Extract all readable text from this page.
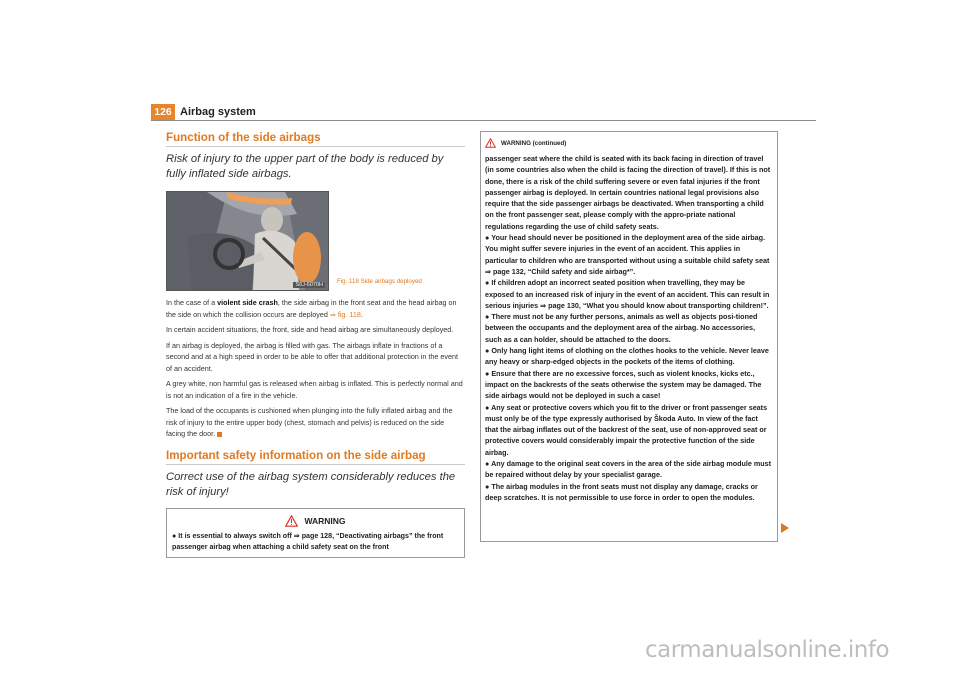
126 Airbag system
Function of the side airbags

Risk of injury to the upper part of the body is reduced by fully inflated side airbags.

S6J-6070H	Fig. 118 Side airbags deployed

In the case of a violent side crash, the side airbag in the front seat and the head airbag on the side on which the collision occurs are deployed ⇒ fig. 118.

In certain accident situations, the front, side and head airbag are simultaneously deployed.

If an airbag is deployed, the airbag is filled with gas. The airbags inflate in fractions of a second and at a high speed in order to be able to offer that additional protection in the event of an accident.

A grey white, non harmful gas is released when airbag is inflated. This is perfectly normal and is not an indication of a fire in the vehicle.

The load of the occupants is cushioned when plunging into the fully inflated airbag and the risk of injury to the entire upper body (chest, stomach and pelvis) is reduced on the side facing the door.

Important safety information on the side airbag

Correct use of the airbag system considerably reduces the risk of injury!

WARNING

● It is essential to always switch off ⇒ page 128, “Deactivating airbags” the front passenger airbag when attaching a child safety seat on the front

WARNING (continued)

passenger seat where the child is seated with its back facing in direction of travel (in some countries also when the child is facing the direction of travel). If this is not done, there is a risk of the child suffering severe or even fatal injuries if the front passenger airbag is deployed. In certain countries national legal provisions also require that the side passenger airbags be deactivated. When transporting a child on the front passenger seat, please comply with the appro-priate national regulations regarding the use of child safety seats.

● Your head should never be positioned in the deployment area of the side airbag. You might suffer severe injuries in the event of an accident. This applies in particular to children who are transported without using a suitable child safety seat ⇒ page 132, “Child safety and side airbag*”.

● If children adopt an incorrect seated position when travelling, they may be exposed to an increased risk of injury in the event of an accident. This can result in serious injuries ⇒ page 130, “What you should know about transporting children!”.

● There must not be any further persons, animals as well as objects posi-tioned between the occupants and the deployment area of the airbag. No accessories, such as a can holder, should be attached to the doors.

● Only hang light items of clothing on the clothes hooks to the vehicle. Never leave any heavy or sharp-edged objects in the pockets of the items of clothing.

● Ensure that there are no excessive forces, such as violent knocks, kicks etc., impact on the backrests of the seats otherwise the system may be damaged. The side airbags would not be deployed in such a case!

● Any seat or protective covers which you fit to the driver or front passenger seats must only be of the type expressly authorised by Škoda Auto. In view of the fact that the airbag inflates out of the backrest of the seat, use of non-approved seat or protective covers would considerably impair the protective function of the side airbag.

● Any damage to the original seat covers in the area of the side airbag module must be repaired without delay by your specialist garage.

● The airbag modules in the front seats must not display any damage, cracks or deep scratches. It is not permissible to use force in order to open the modules.

carmanualsonline.info
